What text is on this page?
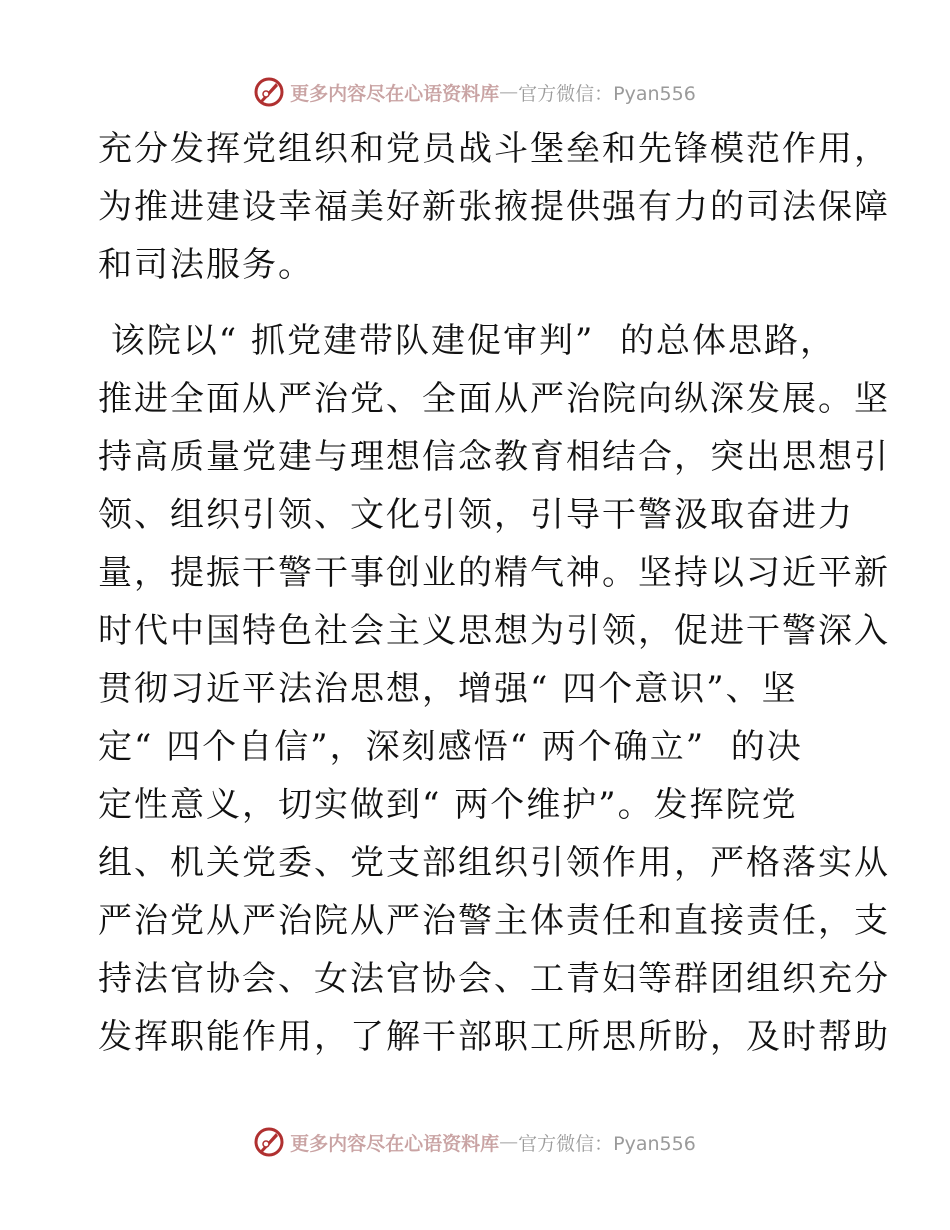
更多内容尽在心语资料库 — 官方微信：Pyan556
充分发挥党组织和党员战斗堡垒和先锋模范作用，
为推进建设幸福美好新张掖提供强有力的司法保障
和司法服务。
该院以“ 抓党建带队建促审判”  的总体思路，
推进全面从严治党、全面从严治院向纵深发展。坚
持高质量党建与理想信念教育相结合，突出思想引
领、组织引领、文化引领，引导干警汲取奋进力
量，提振干警干事创业的精气神。坚持以习近平新
时代中国特色社会主义思想为引领，促进干警深入
贯彻习近平法治思想，增强“ 四个意识”、坚
定“ 四个自信”，深刻感悟“ 两个确立”  的决
定性意义，切实做到“ 两个维护”。发挥院党
组、机关党委、党支部组织引领作用，严格落实从
严治党从严治院从严治警主体责任和直接责任，支
持法官协会、女法官协会、工青妇等群团组织充分
发挥职能作用，了解干部职工所思所盼，及时帮助
更多内容尽在心语资料库 — 官方微信：Pyan556
